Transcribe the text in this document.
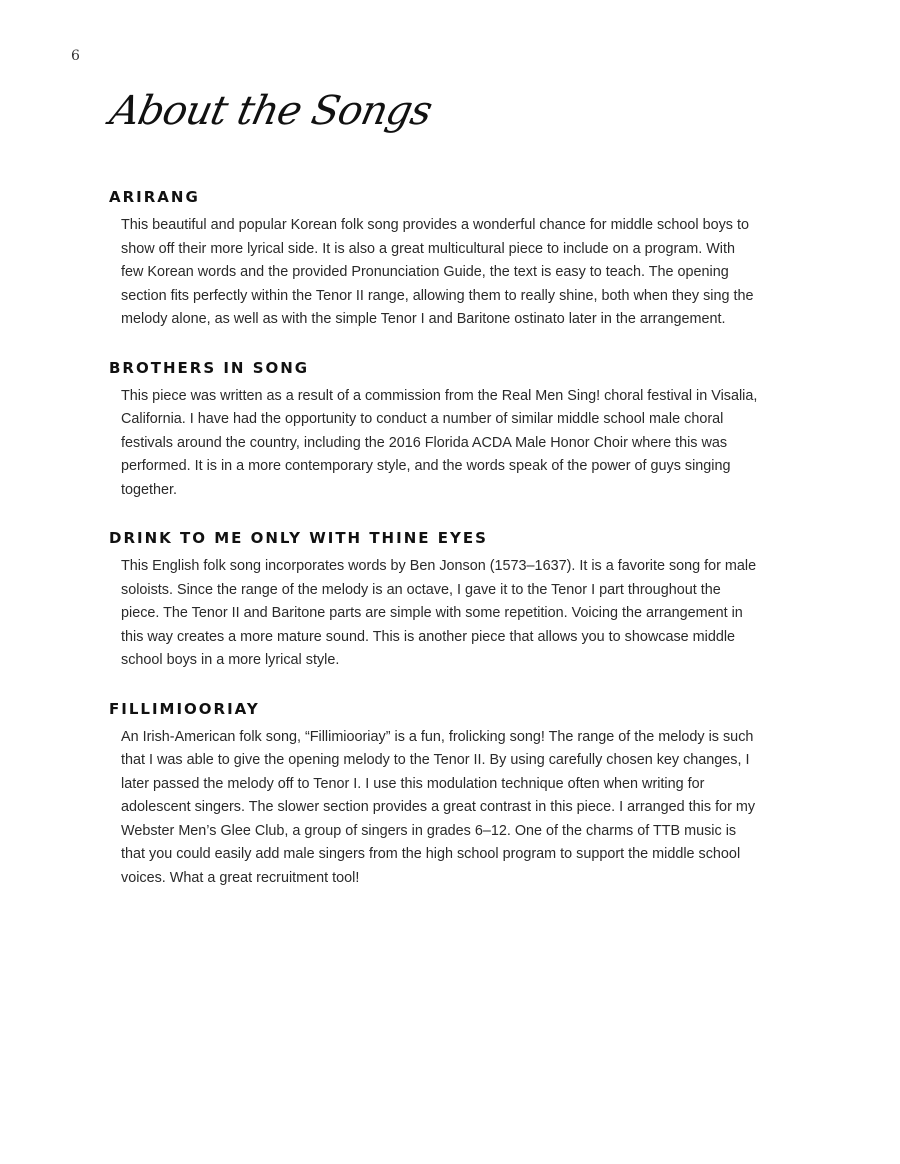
6
About the Songs
ARIRANG
This beautiful and popular Korean folk song provides a wonderful chance for middle school boys to show off their more lyrical side. It is also a great multicultural piece to include on a program. With few Korean words and the provided Pronunciation Guide, the text is easy to teach. The opening section fits perfectly within the Tenor II range, allowing them to really shine, both when they sing the melody alone, as well as with the simple Tenor I and Baritone ostinato later in the arrangement.
BROTHERS IN SONG
This piece was written as a result of a commission from the Real Men Sing! choral festival in Visalia, California. I have had the opportunity to conduct a number of similar middle school male choral festivals around the country, including the 2016 Florida ACDA Male Honor Choir where this was performed. It is in a more contemporary style, and the words speak of the power of guys singing together.
DRINK TO ME ONLY WITH THINE EYES
This English folk song incorporates words by Ben Jonson (1573–1637). It is a favorite song for male soloists. Since the range of the melody is an octave, I gave it to the Tenor I part throughout the piece. The Tenor II and Baritone parts are simple with some repetition. Voicing the arrangement in this way creates a more mature sound. This is another piece that allows you to showcase middle school boys in a more lyrical style.
FILLIMIOORIAY
An Irish-American folk song, “Fillimiooriay” is a fun, frolicking song! The range of the melody is such that I was able to give the opening melody to the Tenor II. By using carefully chosen key changes, I later passed the melody off to Tenor I. I use this modulation technique often when writing for adolescent singers. The slower section provides a great contrast in this piece. I arranged this for my Webster Men’s Glee Club, a group of singers in grades 6–12. One of the charms of TTB music is that you could easily add male singers from the high school program to support the middle school voices. What a great recruitment tool!
